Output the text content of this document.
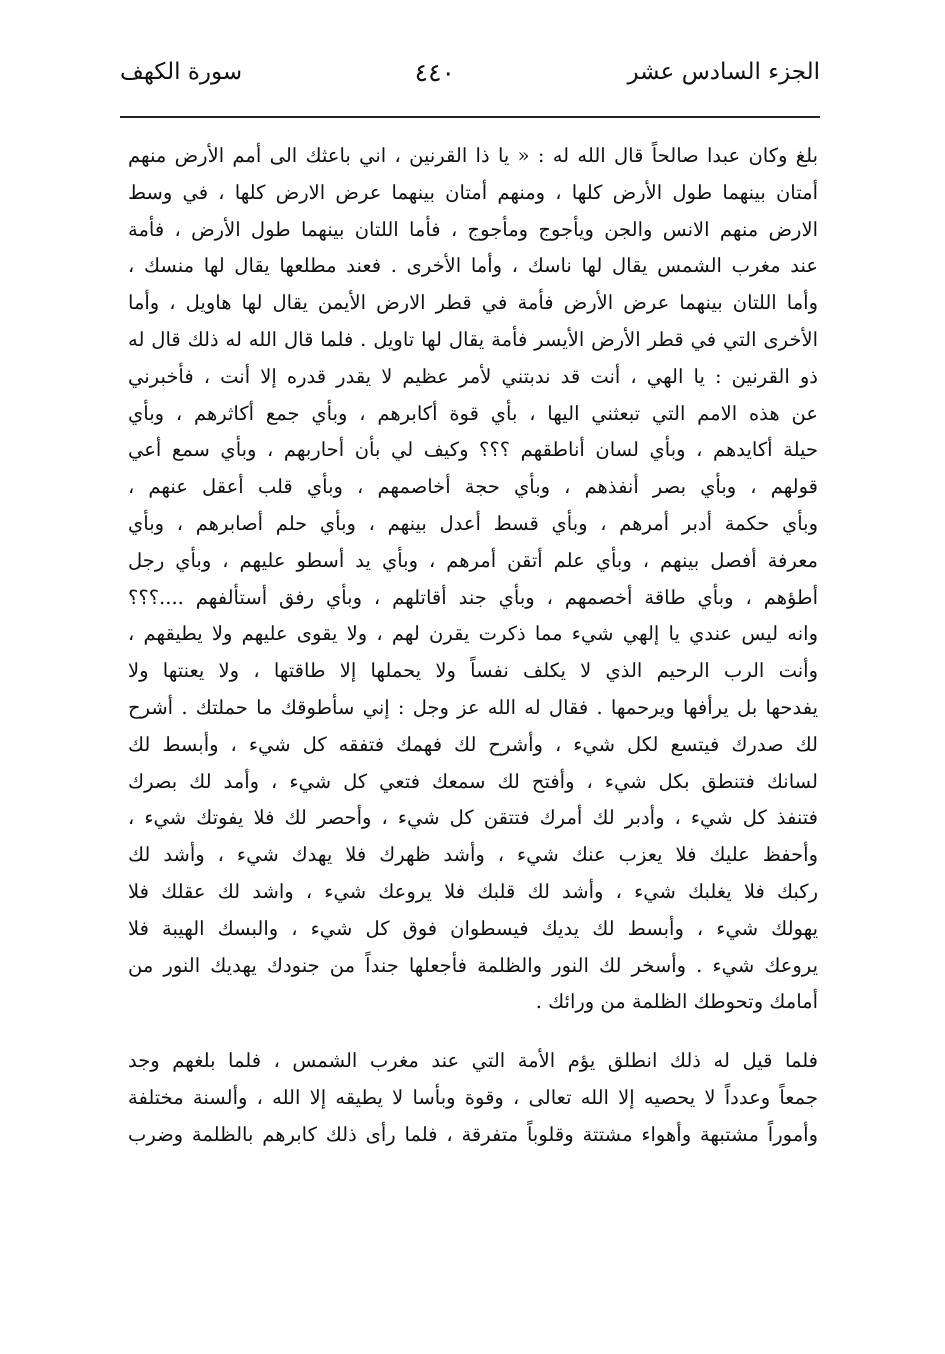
الجزء السادس عشر
٤٤٠
سورة الكهف
بلغ وكان عبدا صالحاً قال الله له : « يا ذا القرنين ، اني باعثك الى أمم الأرض منهم
أمتان بينهما طول الأرض كلها ، ومنهم أمتان بينهما عرض الارض كلها ، في وسط
الارض منهم الانس والجن ويأجوج ومأجوج ، فأما اللتان بينهما طول الأرض ، فأمة
عند مغرب الشمس يقال لها ناسك ، وأما الأخرى . فعند مطلعها يقال لها منسك ،
وأما اللتان بينهما عرض الأرض فأمة في قطر الارض الأيمن يقال لها هاويل ، وأما
الأخرى التي في قطر الأرض الأيسر فأمة يقال لها تاويل . فلما قال الله له ذلك قال له
ذو القرنين : يا الهي ، أنت قد ندبتني لأمر عظيم لا يقدر قدره إلا أنت ، فأخبرني
عن هذه الامم التي تبعثني اليها ، بأي قوة أكابرهم ، وبأي جمع أكاثرهم ، وبأي
حيلة أكايدهم ، وبأي لسان أناطقهم ؟؟؟ وكيف لي بأن أحاربهم ، وبأي سمع أعي
قولهم ، وبأي بصر أنفذهم ، وبأي حجة أخاصمهم ، وبأي قلب أعقل عنهم ،
وبأي حكمة أدبر أمرهم ، وبأي قسط أعدل بينهم ، وبأي حلم أصابرهم ، وبأي
معرفة أفصل بينهم ، وبأي علم أتقن أمرهم ، وبأي يد أسطو عليهم ، وبأي رجل
أطؤهم ، وبأي طاقة أخصمهم ، وبأي جند أقاتلهم ، وبأي رفق أستألفهم ....؟؟؟
وانه ليس عندي يا إلهي شيء مما ذكرت يقرن لهم ، ولا يقوى عليهم ولا يطيقهم ،
وأنت الرب الرحيم الذي لا يكلف نفساً ولا يحملها إلا طاقتها ، ولا يعنتها ولا
يفدحها بل يرأفها ويرحمها . فقال له الله عز وجل : إني سأطوقك ما حملتك . أشرح
لك صدرك فيتسع لكل شيء ، وأشرح لك فهمك فتفقه كل شيء ، وأبسط لك
لسانك فتنطق بكل شيء ، وأفتح لك سمعك فتعي كل شيء ، وأمد لك بصرك
فتنفذ كل شيء ، وأدبر لك أمرك فتتقن كل شيء ، وأحصر لك فلا يفوتك شيء ،
وأحفظ عليك فلا يعزب عنك شيء ، وأشد ظهرك فلا يهدك شيء ، وأشد لك
ركبك فلا يغلبك شيء ، وأشد لك قلبك فلا يروعك شيء ، واشد لك عقلك فلا
يهولك شيء ، وأبسط لك يديك فيسطوان فوق كل شيء ، والبسك الهيبة فلا
يروعك شيء . وأسخر لك النور والظلمة فأجعلها جنداً من جنودك يهديك النور من
أمامك وتحوطك الظلمة من ورائك .
فلما قيل له ذلك انطلق يؤم الأمة التي عند مغرب الشمس ، فلما بلغهم وجد
جمعاً وعدداً لا يحصيه إلا الله تعالى ، وقوة وبأسا لا يطيقه إلا الله ، وألسنة مختلفة
وأموراً مشتبهة وأهواء مشتتة وقلوباً متفرقة ، فلما رأى ذلك كابرهم بالظلمة وضرب
